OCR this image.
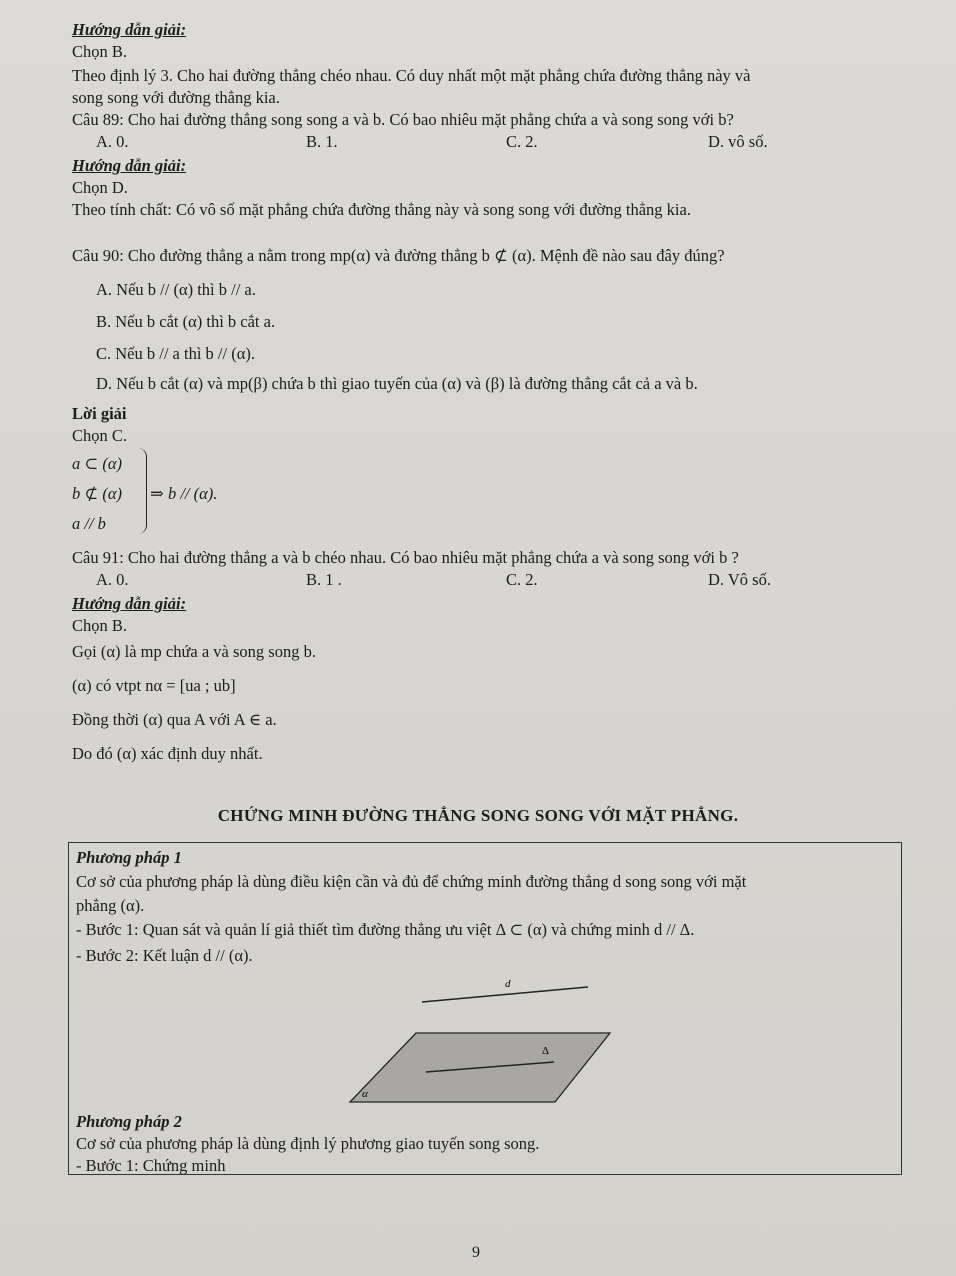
Hướng dẫn giải:
Chọn B.
Theo định lý 3. Cho hai đường thẳng chéo nhau. Có duy nhất một mặt phẳng chứa đường thẳng này và
song song với đường thẳng kia.
Câu 89: Cho hai đường thẳng song song a và b. Có bao nhiêu mặt phẳng chứa a và song song với b?
Hướng dẫn giải:
Chọn D.
Theo tính chất: Có vô số mặt phẳng chứa đường thẳng này và song song với đường thẳng kia.
Câu 90: Cho đường thẳng a nằm trong mp(α) và đường thẳng b ⊄ (α). Mệnh đề nào sau đây đúng?
A. Nếu b // (α) thì b // a.
B. Nếu b cắt (α) thì b cắt a.
C. Nếu b // a thì b // (α).
D. Nếu b cắt (α) và mp(β) chứa b thì giao tuyến của (α) và (β) là đường thẳng cắt cả a và b.
Lời giải
Chọn C.
a ⊂ (α)
b ⊄ (α) ⇒ b // (α).
a // b
Câu 91: Cho hai đường thẳng a và b chéo nhau. Có bao nhiêu mặt phẳng chứa a và song song với b ?
Hướng dẫn giải:
Chọn B.
Gọi (α) là mp chứa a và song song b.
(α) có vtpt nα = [ua ; ub]
Đồng thời (α) qua A với A ∈ a.
Do đó (α) xác định duy nhất.
Phương pháp 1
Cơ sở của phương pháp là dùng điều kiện cần và đủ để chứng minh đường thẳng d song song với mặt
phẳng (α).
- Bước 1: Quan sát và quản lí giả thiết tìm đường thẳng ưu việt Δ ⊂ (α) và chứng minh d // Δ.
- Bước 2: Kết luận d // (α).
Phương pháp 2
Cơ sở của phương pháp là dùng định lý phương giao tuyến song song.
- Bước 1: Chứng minh
A. 0.	B. 1.	C. 2.	D. vô số.
A. 0.	B. 1 .	C. 2.	D. Vô số.
CHỨNG MINH ĐƯỜNG THẲNG SONG SONG VỚI MẶT PHẲNG.
d
Δ
α
9
